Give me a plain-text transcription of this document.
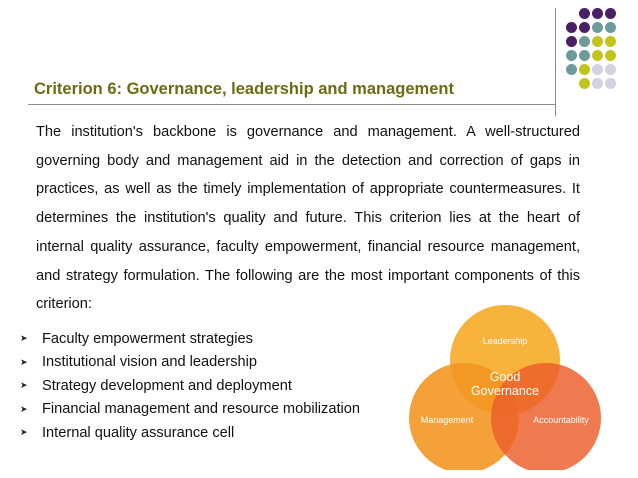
Criterion 6: Governance, leadership and management

The institution's backbone is governance and management. A well-structured governing body and management aid in the detection and correction of gaps in practices, as well as the timely implementation of appropriate countermeasures. It determines the institution's quality and future. This criterion lies at the heart of internal quality assurance, faculty empowerment, financial resource management, and strategy formulation. The following are the most important components of this criterion:

➤ Faculty empowerment strategies
➤ Institutional vision and leadership
➤ Strategy development and deployment
➤ Financial management and resource mobilization
➤ Internal quality assurance cell
Leadership
Management	Accountability
Good
Governance
